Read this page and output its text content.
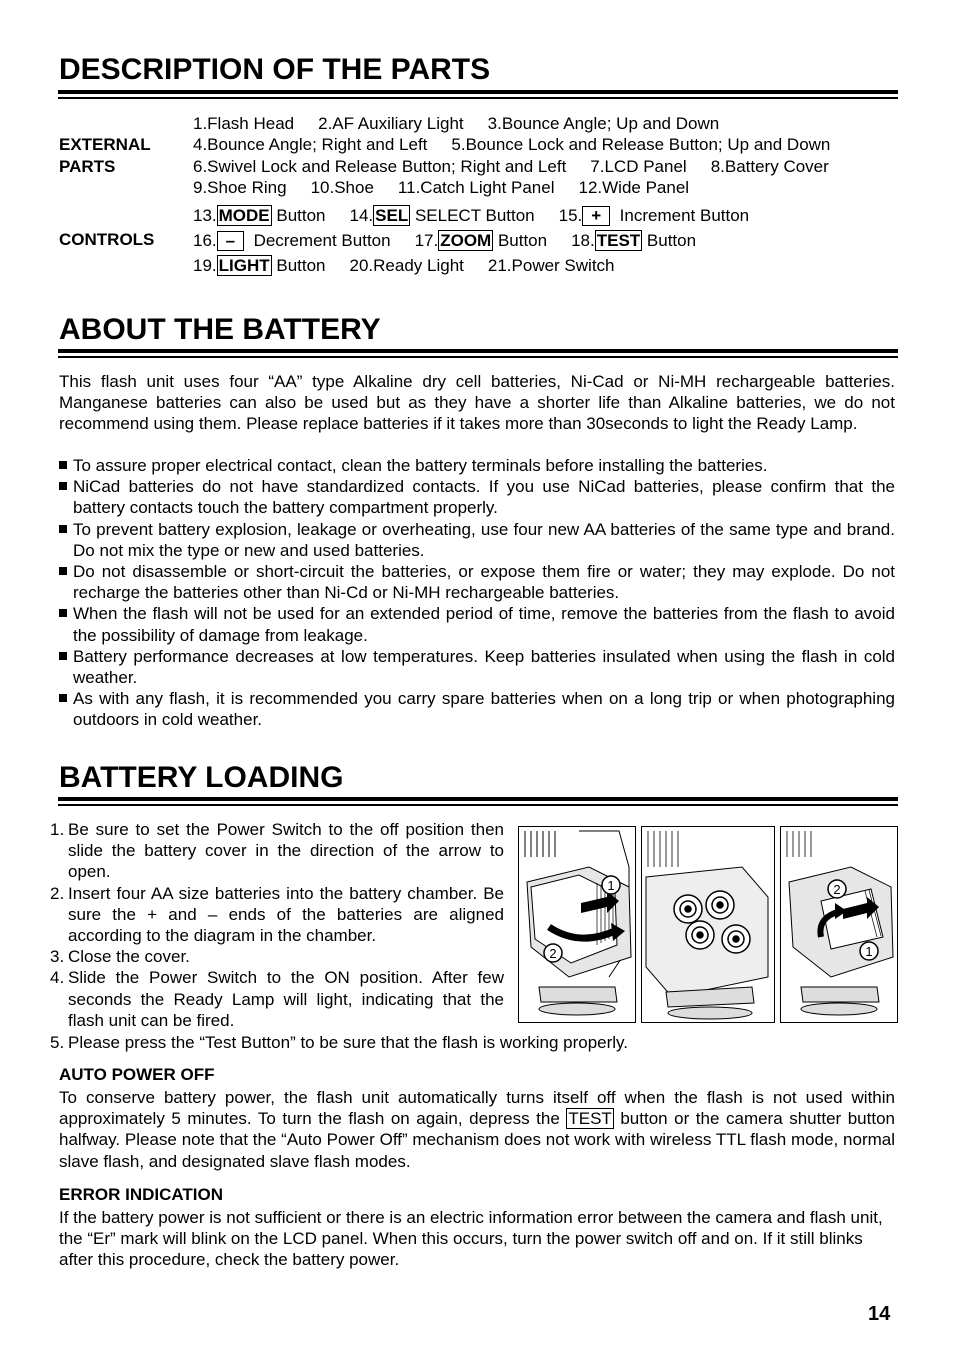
DESCRIPTION OF THE PARTS
EXTERNAL
PARTS
1.Flash Head 2.AF Auxiliary Light 3.Bounce Angle; Up and Down
4.Bounce Angle; Right and Left 5.Bounce Lock and Release Button; Up and Down
6.Swivel Lock and Release Button; Right and Left 7.LCD Panel 8.Battery Cover
9.Shoe Ring 10.Shoe 11.Catch Light Panel 12.Wide Panel
CONTROLS
13. MODE Button 14. SEL SELECT Button 15. + Increment Button
16. – Decrement Button 17. ZOOM Button 18. TEST Button
19. LIGHT Button 20.Ready Light 21.Power Switch
ABOUT THE BATTERY
This flash unit uses four “AA” type Alkaline dry cell batteries, Ni-Cad or Ni-MH rechargeable batteries. Manganese batteries can also be used but as they have a shorter life than Alkaline batteries, we do not recommend using them. Please replace batteries if it takes more than 30seconds to light the Ready Lamp.
To assure proper electrical contact, clean the battery terminals before installing the batteries.
NiCad batteries do not have standardized contacts. If you use NiCad batteries, please confirm that the battery contacts touch the battery compartment properly.
To prevent battery explosion, leakage or overheating, use four new AA batteries of the same type and brand. Do not mix the type or new and used batteries.
Do not disassemble or short-circuit the batteries, or expose them fire or water; they may explode. Do not recharge the batteries other than Ni-Cd or Ni-MH rechargeable batteries.
When the flash will not be used for an extended period of time, remove the batteries from the flash to avoid the possibility of damage from leakage.
Battery performance decreases at low temperatures. Keep batteries insulated when using the flash in cold weather.
As with any flash, it is recommended you carry spare batteries when on a long trip or when photographing outdoors in cold weather.
BATTERY LOADING
1. Be sure to set the Power Switch to the off position then slide the battery cover in the direction of the arrow to open.
2. Insert four AA size batteries into the battery chamber. Be sure the + and – ends of the batteries are aligned according to the diagram in the chamber.
3. Close the cover.
4. Slide the Power Switch to the ON position. After few seconds the Ready Lamp will light, indicating that the flash unit can be fired.
5. Please press the “Test Button” to be sure that the flash is working properly.
1
2
2
1
AUTO POWER OFF
To conserve battery power, the flash unit automatically turns itself off when the flash is not used within approximately 5 minutes. To turn the flash on again, depress the TEST button or the camera shutter button halfway. Please note that the “Auto Power Off” mechanism does not work with wireless TTL flash mode, normal slave flash, and designated slave flash modes.
ERROR INDICATION
If the battery power is not sufficient or there is an electric information error between the camera and flash unit, the “Er” mark will blink on the LCD panel. When this occurs, turn the power switch off and on. If it still blinks after this procedure, check the battery power.
14
